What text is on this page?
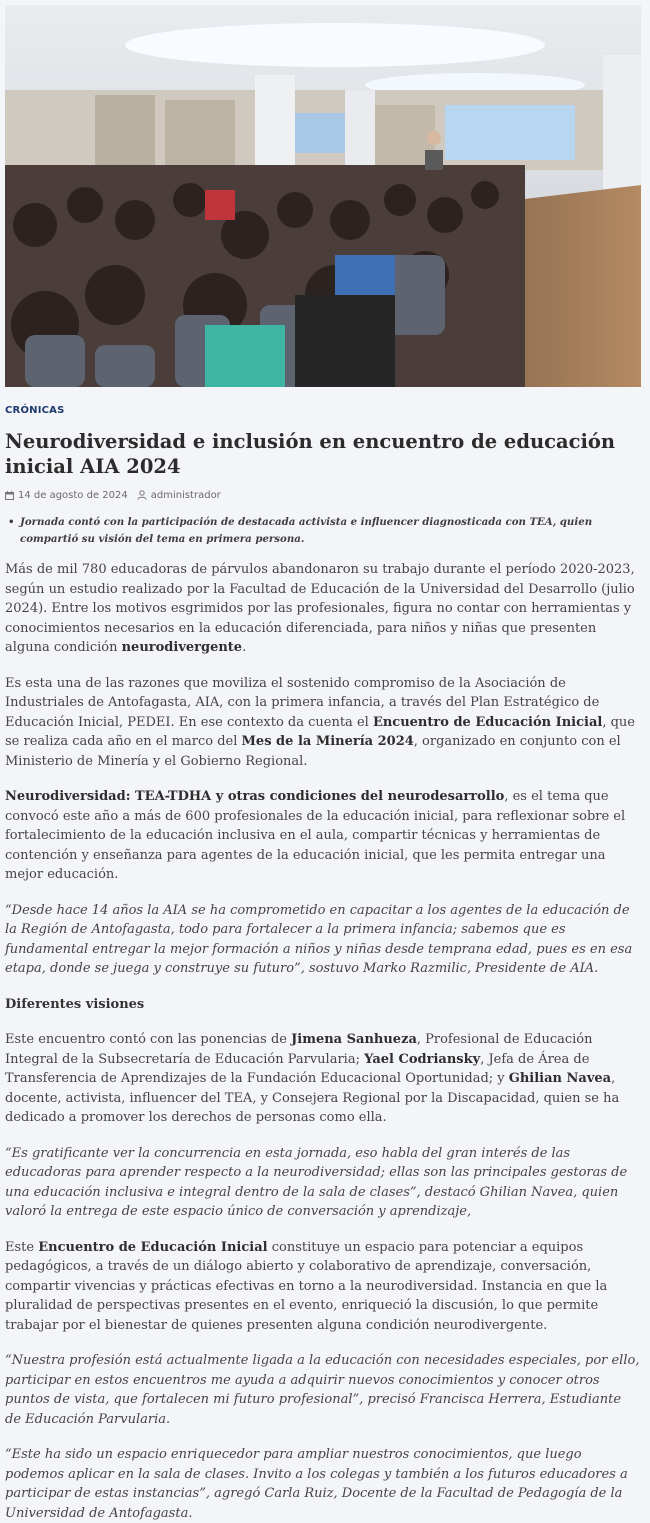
CRÓNICAS
Neurodiversidad e inclusión en encuentro de educación inicial AIA 2024
14 de agosto de 2024 administrador
• Jornada contó con la participación de destacada activista e influencer diagnosticada con TEA, quien compartió su visión del tema en primera persona.

Más de mil 780 educadoras de párvulos abandonaron su trabajo durante el período 2020-2023, según un estudio realizado por la Facultad de Educación de la Universidad del Desarrollo (julio 2024). Entre los motivos esgrimidos por las profesionales, figura no contar con herramientas y conocimientos necesarios en la educación diferenciada, para niños y niñas que presenten alguna condición neurodivergente.

Es esta una de las razones que moviliza el sostenido compromiso de la Asociación de Industriales de Antofagasta, AIA, con la primera infancia, a través del Plan Estratégico de Educación Inicial, PEDEI. En ese contexto da cuenta el Encuentro de Educación Inicial, que se realiza cada año en el marco del Mes de la Minería 2024, organizado en conjunto con el Ministerio de Minería y el Gobierno Regional.

Neurodiversidad: TEA-TDHA y otras condiciones del neurodesarrollo, es el tema que convocó este año a más de 600 profesionales de la educación inicial, para reflexionar sobre el fortalecimiento de la educación inclusiva en el aula, compartir técnicas y herramientas de contención y enseñanza para agentes de la educación inicial, que les permita entregar una mejor educación.

“Desde hace 14 años la AIA se ha comprometido en capacitar a los agentes de la educación de la Región de Antofagasta, todo para fortalecer a la primera infancia; sabemos que es fundamental entregar la mejor formación a niños y niñas desde temprana edad, pues es en esa etapa, donde se juega y construye su futuro”, sostuvo Marko Razmilic, Presidente de AIA.

Diferentes visiones

Este encuentro contó con las ponencias de Jimena Sanhueza, Profesional de Educación Integral de la Subsecretaría de Educación Parvularia; Yael Codriansky, Jefa de Área de Transferencia de Aprendizajes de la Fundación Educacional Oportunidad; y Ghilian Navea, docente, activista, influencer del TEA, y Consejera Regional por la Discapacidad, quien se ha dedicado a promover los derechos de personas como ella.

“Es gratificante ver la concurrencia en esta jornada, eso habla del gran interés de las educadoras para aprender respecto a la neurodiversidad; ellas son las principales gestoras de una educación inclusiva e integral dentro de la sala de clases”, destacó Ghilian Navea, quien valoró la entrega de este espacio único de conversación y aprendizaje,

Este Encuentro de Educación Inicial constituye un espacio para potenciar a equipos pedagógicos, a través de un diálogo abierto y colaborativo de aprendizaje, conversación, compartir vivencias y prácticas efectivas en torno a la neurodiversidad. Instancia en que la pluralidad de perspectivas presentes en el evento, enriqueció la discusión, lo que permite trabajar por el bienestar de quienes presenten alguna condición neurodivergente.

“Nuestra profesión está actualmente ligada a la educación con necesidades especiales, por ello, participar en estos encuentros me ayuda a adquirir nuevos conocimientos y conocer otros puntos de vista, que fortalecen mi futuro profesional”, precisó Francisca Herrera, Estudiante de Educación Parvularia.

“Este ha sido un espacio enriquecedor para ampliar nuestros conocimientos, que luego podemos aplicar en la sala de clases. Invito a los colegas y también a los futuros educadores a participar de estas instancias”, agregó Carla Ruiz, Docente de la Facultad de Pedagogía de la Universidad de Antofagasta.
